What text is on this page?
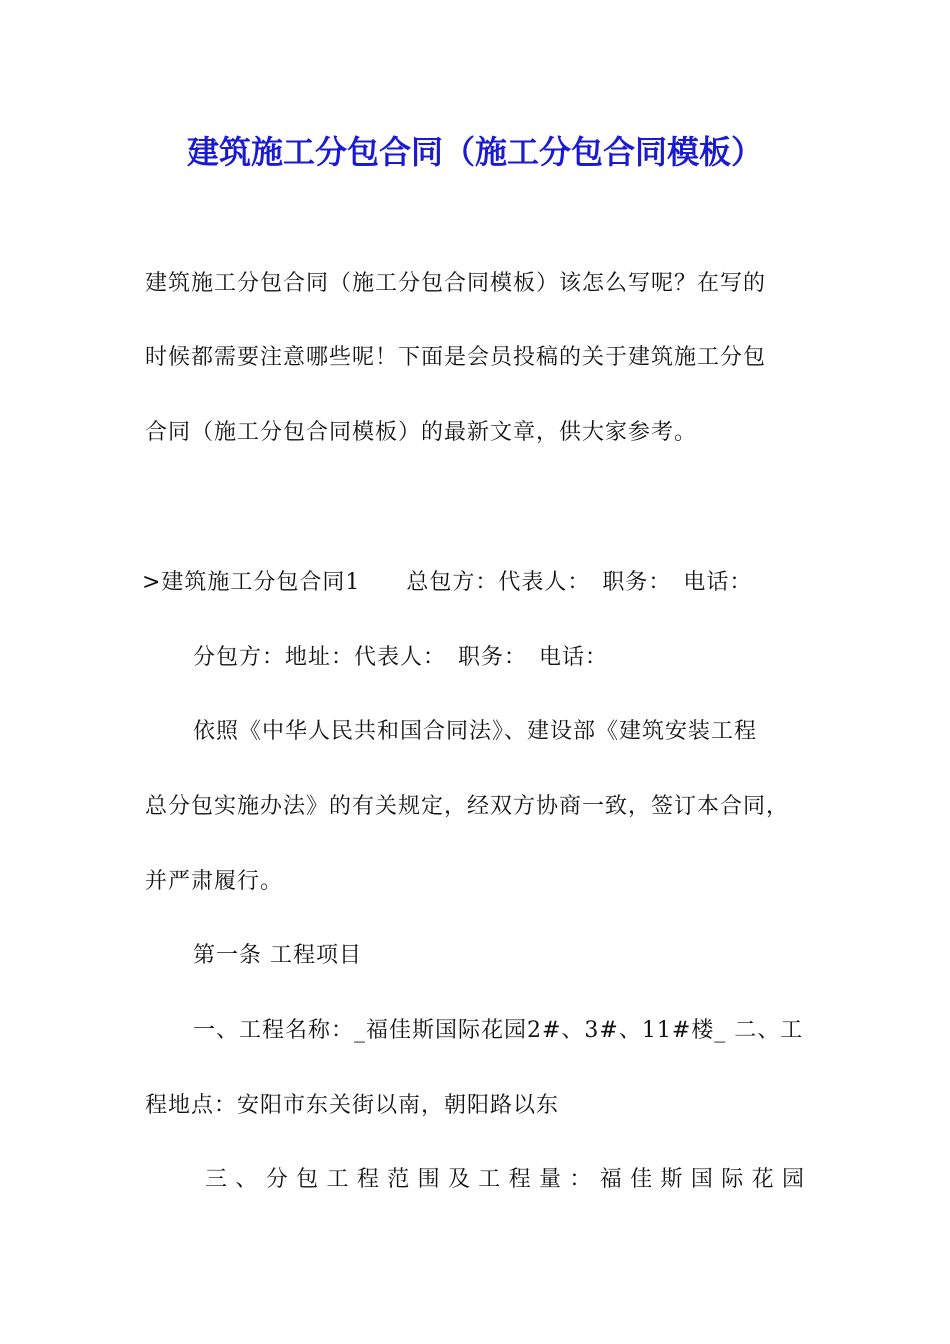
建筑施工分包合同（施工分包合同模板）
建筑施工分包合同（施工分包合同模板）该怎么写呢？在写的
时候都需要注意哪些呢！下面是会员投稿的关于建筑施工分包
合同（施工分包合同模板）的最新文章，供大家参考。
>建筑施工分包合同1　　总包方：代表人：　职务：　电话：
分包方：地址：代表人：　职务：　电话：
依照《中华人民共和国合同法》、建设部《建筑安装工程
总分包实施办法》的有关规定，经双方协商一致，签订本合同，
并严肃履行。
第一条 工程项目
一、工程名称：_福佳斯国际花园2#、3#、11#楼_ 二、工
程地点：安阳市东关街以南，朝阳路以东
三、分包工程范围及工程量：福佳斯国际花园
